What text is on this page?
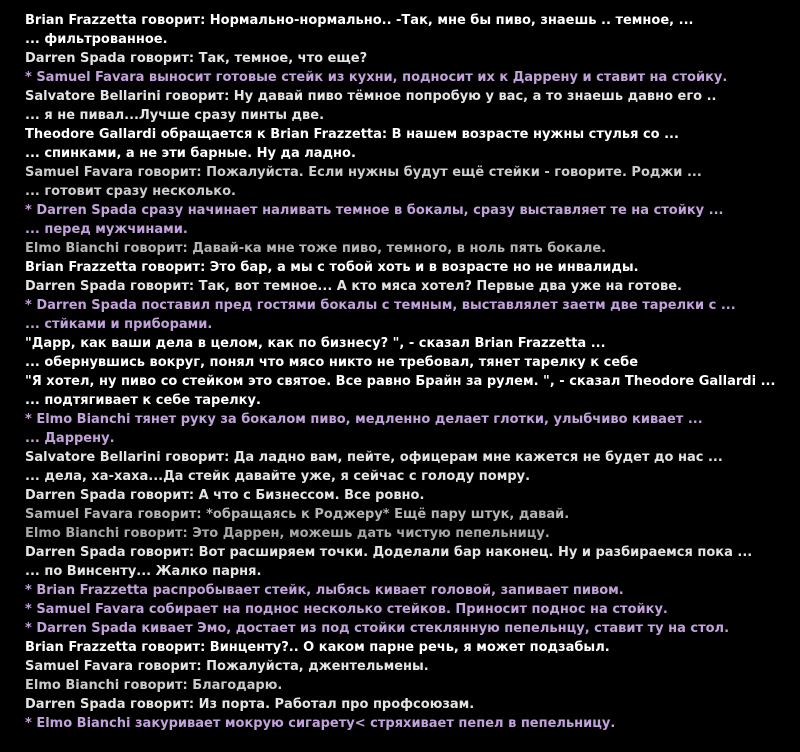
Brian Frazzetta говорит: Нормально-нормально.. -Так, мне бы пиво, знаешь .. темное, ...
... фильтрованное.
Darren Spada говорит: Так, темное, что еще?
* Samuel Favara выносит готовые стейк из кухни, подносит их к Даррену и ставит на стойку.
Salvatore Bellarini говорит: Ну давай пиво тёмное попробую у вас, а то знаешь давно его ..
... я не пивал...Лучше сразу пинты две.
Theodore Gallardi обращается к Brian Frazzetta: В нашем возрасте нужны стулья со ...
... спинками, а не эти барные. Ну да ладно.
Samuel Favara говорит: Пожалуйста. Если нужны будут ещё стейки - говорите. Роджи ...
... готовит сразу несколько.
* Darren Spada сразу начинает наливать темное в бокалы, сразу выставляет те на стойку ...
... перед мужчинами.
Elmo Bianchi говорит: Давай-ка мне тоже пиво, темного, в ноль пять бокале.
Brian Frazzetta говорит: Это бар, а мы с тобой хоть и в возрасте но не инвалиды.
Darren Spada говорит: Так, вот темное... А кто мяса хотел? Первые два уже на готове.
* Darren Spada поставил пред гостями бокалы с темным, выставлялет заетм две тарелки с ...
... стйками и приборами.
"Дарр, как ваши дела в целом, как по бизнесу? ", - сказал Brian Frazzetta ...
... обернувшись вокруг, понял что мясо никто не требовал, тянет тарелку к себе
"Я хотел, ну пиво со стейком это святое. Все равно Брайн за рулем. ", - сказал Theodore Gallardi ...
... подтягивает к себе тарелку.
* Elmo Bianchi тянет руку за бокалом пиво, медленно делает глотки, улыбчиво кивает ...
... Даррену.
Salvatore Bellarini говорит: Да ладно вам, пейте, офицерам мне кажется не будет до нас ...
... дела, ха-хаха...Да стейк давайте уже, я сейчас с голоду помру.
Darren Spada говорит: А что с Бизнессом. Все ровно.
Samuel Favara говорит: *обращаясь к Роджеру* Ещё пару штук, давай.
Elmo Bianchi говорит: Это Даррен, можешь дать чистую пепельницу.
Darren Spada говорит: Вот расширяем точки. Доделали бар наконец. Ну и разбираемся пока ...
... по Винсенту... Жалко парня.
* Brian Frazzetta распробывает стейк, лыбясь кивает головой, запивает пивом.
* Samuel Favara собирает на поднос несколько стейков. Приносит поднос на стойку.
* Darren Spada кивает Эмо, достает из под стойки стеклянную пепельнцу, ставит ту на стол.
Brian Frazzetta говорит: Винценту?.. О каком парне речь, я может подзабыл.
Samuel Favara говорит: Пожалуйста, джентельмены.
Elmo Bianchi говорит: Благодарю.
Darren Spada говорит: Из порта. Работал про профсоюзам.
* Elmo Bianchi закуривает мокрую сигарету< стряхивает пепел в пепельницу.
